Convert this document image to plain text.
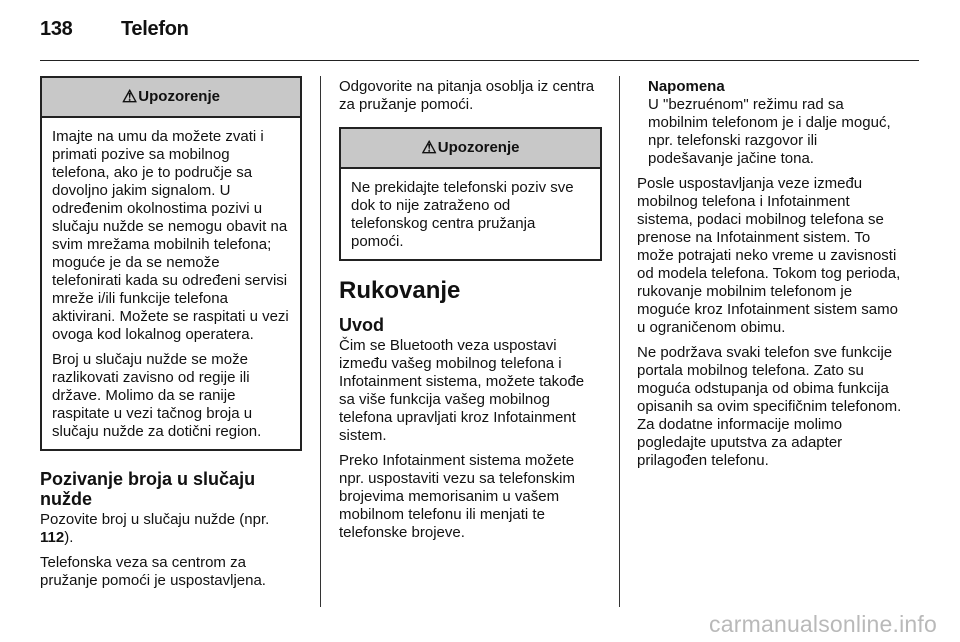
138 Telefon
⚠ Upozorenje

Imajte na umu da možete zvati i primati pozive sa mobilnog telefona, ako je to područje sa dovoljno jakim signalom. U određenim okolnostima pozivi u slučaju nužde se nemogu obavit na svim mrežama mobilnih telefona; moguće je da se nemože telefonirati kada su određeni servisi mreže i/ili funkcije telefona aktivirani. Možete se raspitati u vezi ovoga kod lokalnog operatera.

Broj u slučaju nužde se može razlikovati zavisno od regije ili države. Molimo da se ranije raspitate u vezi tačnog broja u slučaju nužde za dotični region.

Pozivanje broja u slučaju nužde

Pozovite broj u slučaju nužde (npr. 112).

Telefonska veza sa centrom za pružanje pomoći je uspostavljena.

Odgovorite na pitanja osoblja iz centra za pružanje pomoći.

⚠ Upozorenje

Ne prekidajte telefonski poziv sve dok to nije zatraženo od telefonskog centra pružanja pomoći.

Rukovanje
Uvod

Čim se Bluetooth veza uspostavi između vašeg mobilnog telefona i Infotainment sistema, možete takođe sa više funkcija vašeg mobilnog telefona upravljati kroz Infotainment sistem.

Preko Infotainment sistema možete npr. uspostaviti vezu sa telefonskim brojevima memorisanim u vašem mobilnom telefonu ili menjati te telefonske brojeve.

Napomena
U "bezruénom" režimu rad sa mobilnim telefonom je i dalje moguć, npr. telefonski razgovor ili podešavanje jačine tona.

Posle uspostavljanja veze između mobilnog telefona i Infotainment sistema, podaci mobilnog telefona se prenose na Infotainment sistem. To može potrajati neko vreme u zavisnosti od modela telefona. Tokom tog perioda, rukovanje mobilnim telefonom je moguće kroz Infotainment sistem samo u ograničenom obimu.

Ne podržava svaki telefon sve funkcije portala mobilnog telefona. Zato su moguća odstupanja od obima funkcija opisanih sa ovim specifičnim telefonom. Za dodatne informacije molimo pogledajte uputstva za adapter prilagođen telefonu.

carmanualsonline.info
